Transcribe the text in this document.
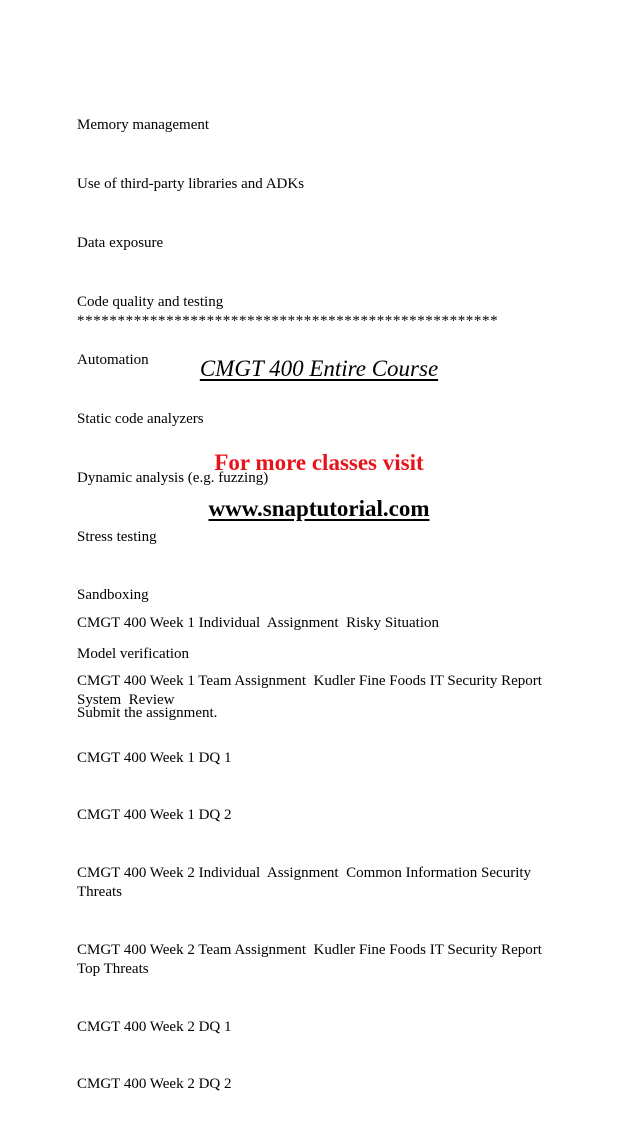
Memory management

Use of third-party libraries and ADKs

Data exposure

Code quality and testing

Automation

Static code analyzers

Dynamic analysis (e.g. fuzzing)

Stress testing

Sandboxing

Model verification

Submit the assignment.

****************************************************
CMGT 400 Entire Course
For more classes visit
www.snaptutorial.com

CMGT 400 Week 1 Individual  Assignment  Risky Situation

CMGT 400 Week 1 Team Assignment  Kudler Fine Foods IT Security Report System  Review

CMGT 400 Week 1 DQ 1

CMGT 400 Week 1 DQ 2

CMGT 400 Week 2 Individual  Assignment  Common Information Security Threats

CMGT 400 Week 2 Team Assignment  Kudler Fine Foods IT Security Report Top Threats

CMGT 400 Week 2 DQ 1

CMGT 400 Week 2 DQ 2
